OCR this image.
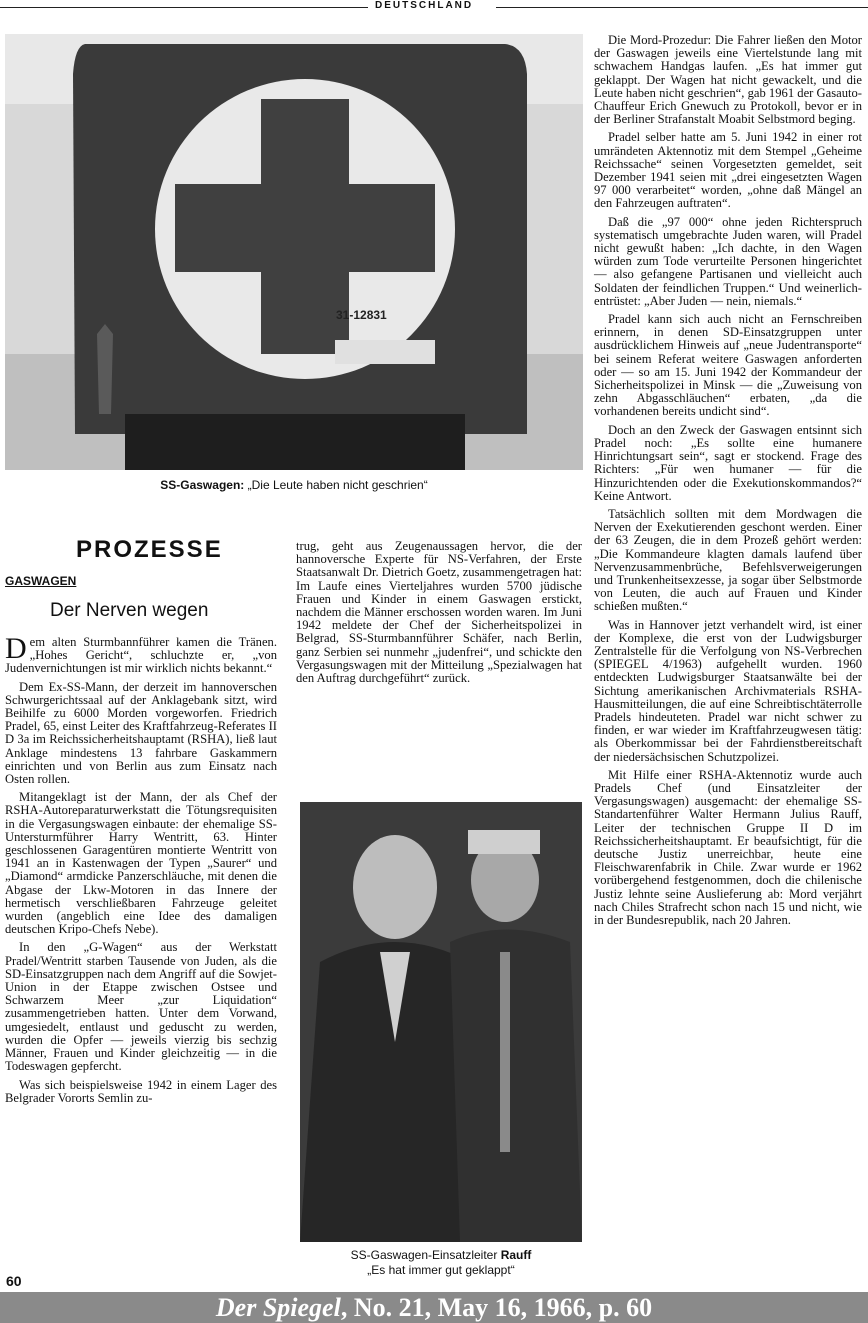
DEUTSCHLAND
31-12831
SS-Gaswagen: „Die Leute haben nicht geschrien“
PROZESSE
GASWAGEN
Der Nerven wegen

Dem alten Sturmbannführer kamen die Tränen. „Hohes Gericht“, schluchzte er, „von Judenvernichtungen ist mir wirklich nichts bekannt.“

Dem Ex-SS-Mann, der derzeit im hannoverschen Schwurgerichtssaal auf der Anklagebank sitzt, wird Beihilfe zu 6000 Morden vorgeworfen. Friedrich Pradel, 65, einst Leiter des Kraftfahrzeug-Referates II D 3a im Reichssicherheitshauptamt (RSHA), ließ laut Anklage mindestens 13 fahrbare Gaskammern einrichten und von Berlin aus zum Einsatz nach Osten rollen.

Mitangeklagt ist der Mann, der als Chef der RSHA-Autoreparaturwerkstatt die Tötungsrequisiten in die Vergasungswagen einbaute: der ehemalige SS-Untersturmführer Harry Wentritt, 63. Hinter geschlossenen Garagentüren montierte Wentritt von 1941 an in Kastenwagen der Typen „Saurer“ und „Diamond“ armdicke Panzerschläuche, mit denen die Abgase der Lkw-Motoren in das Innere der hermetisch verschließbaren Fahrzeuge geleitet wurden (angeblich eine Idee des damaligen deutschen Kripo-Chefs Nebe).

In den „G-Wagen“ aus der Werkstatt Pradel/Wentritt starben Tausende von Juden, als die SD-Einsatzgruppen nach dem Angriff auf die Sowjet-Union in der Etappe zwischen Ostsee und Schwarzem Meer „zur Liquidation“ zusammengetrieben hatten. Unter dem Vorwand, umgesiedelt, entlaust und geduscht zu werden, wurden die Opfer — jeweils vierzig bis sechzig Männer, Frauen und Kinder gleichzeitig — in die Todeswagen gepfercht.

Was sich beispielsweise 1942 in einem Lager des Belgrader Vororts Semlin zu-

trug, geht aus Zeugenaussagen hervor, die der hannoversche Experte für NS-Verfahren, der Erste Staatsanwalt Dr. Dietrich Goetz, zusammengetragen hat: Im Laufe eines Vierteljahres wurden 5700 jüdische Frauen und Kinder in einem Gaswagen erstickt, nachdem die Männer erschossen worden waren. Im Juni 1942 meldete der Chef der Sicherheitspolizei in Belgrad, SS-Sturmbannführer Schäfer, nach Berlin, ganz Serbien sei nunmehr „judenfrei“, und schickte den Vergasungswagen mit der Mitteilung „Spezialwagen hat den Auftrag durchgeführt“ zurück.

SS-Gaswagen-Einsatzleiter Rauff
„Es hat immer gut geklappt“

Die Mord-Prozedur: Die Fahrer ließen den Motor der Gaswagen jeweils eine Viertelstunde lang mit schwachem Handgas laufen. „Es hat immer gut geklappt. Der Wagen hat nicht gewackelt, und die Leute haben nicht geschrien“, gab 1961 der Gasauto-Chauffeur Erich Gnewuch zu Protokoll, bevor er in der Berliner Strafanstalt Moabit Selbstmord beging.

Pradel selber hatte am 5. Juni 1942 in einer rot umrändeten Aktennotiz mit dem Stempel „Geheime Reichssache“ seinen Vorgesetzten gemeldet, seit Dezember 1941 seien mit „drei eingesetzten Wagen 97 000 verarbeitet“ worden, „ohne daß Mängel an den Fahrzeugen auftraten“.

Daß die „97 000“ ohne jeden Richterspruch systematisch umgebrachte Juden waren, will Pradel nicht gewußt haben: „Ich dachte, in den Wagen würden zum Tode verurteilte Personen hingerichtet — also gefangene Partisanen und vielleicht auch Soldaten der feindlichen Truppen.“ Und weinerlich-entrüstet: „Aber Juden — nein, niemals.“

Pradel kann sich auch nicht an Fernschreiben erinnern, in denen SD-Einsatzgruppen unter ausdrücklichem Hinweis auf „neue Judentransporte“ bei seinem Referat weitere Gaswagen anforderten oder — so am 15. Juni 1942 der Kommandeur der Sicherheitspolizei in Minsk — die „Zuweisung von zehn Abgasschläuchen“ erbaten, „da die vorhandenen bereits undicht sind“.

Doch an den Zweck der Gaswagen entsinnt sich Pradel noch: „Es sollte eine humanere Hinrichtungsart sein“, sagt er stockend. Frage des Richters: „Für wen humaner — für die Hinzurichtenden oder die Exekutionskommandos?“ Keine Antwort.

Tatsächlich sollten mit dem Mordwagen die Nerven der Exekutierenden geschont werden. Einer der 63 Zeugen, die in dem Prozeß gehört werden: „Die Kommandeure klagten damals laufend über Nervenzusammenbrüche, Befehlsverweigerungen und Trunkenheitsexzesse, ja sogar über Selbstmorde von Leuten, die auch auf Frauen und Kinder schießen mußten.“

Was in Hannover jetzt verhandelt wird, ist einer der Komplexe, die erst von der Ludwigsburger Zentralstelle für die Verfolgung von NS-Verbrechen (SPIEGEL 4/1963) aufgehellt wurden. 1960 entdeckten Ludwigsburger Staatsanwälte bei der Sichtung amerikanischen Archivmaterials RSHA-Hausmitteilungen, die auf eine Schreibtischtäterrolle Pradels hindeuteten. Pradel war nicht schwer zu finden, er war wieder im Kraftfahrzeugwesen tätig: als Oberkommissar bei der Fahrdienstbereitschaft der niedersächsischen Schutzpolizei.

Mit Hilfe einer RSHA-Aktennotiz wurde auch Pradels Chef (und Einsatzleiter der Vergasungswagen) ausgemacht: der ehemalige SS-Standartenführer Walter Hermann Julius Rauff, Leiter der technischen Gruppe II D im Reichssicherheitshauptamt. Er beaufsichtigt, für die deutsche Justiz unerreichbar, heute eine Fleischwarenfabrik in Chile. Zwar wurde er 1962 vorübergehend festgenommen, doch die chilenische Justiz lehnte seine Auslieferung ab: Mord verjährt nach Chiles Strafrecht schon nach 15 und nicht, wie in der Bundesrepublik, nach 20 Jahren.

60
Der Spiegel, No. 21, May 16, 1966, p. 60
